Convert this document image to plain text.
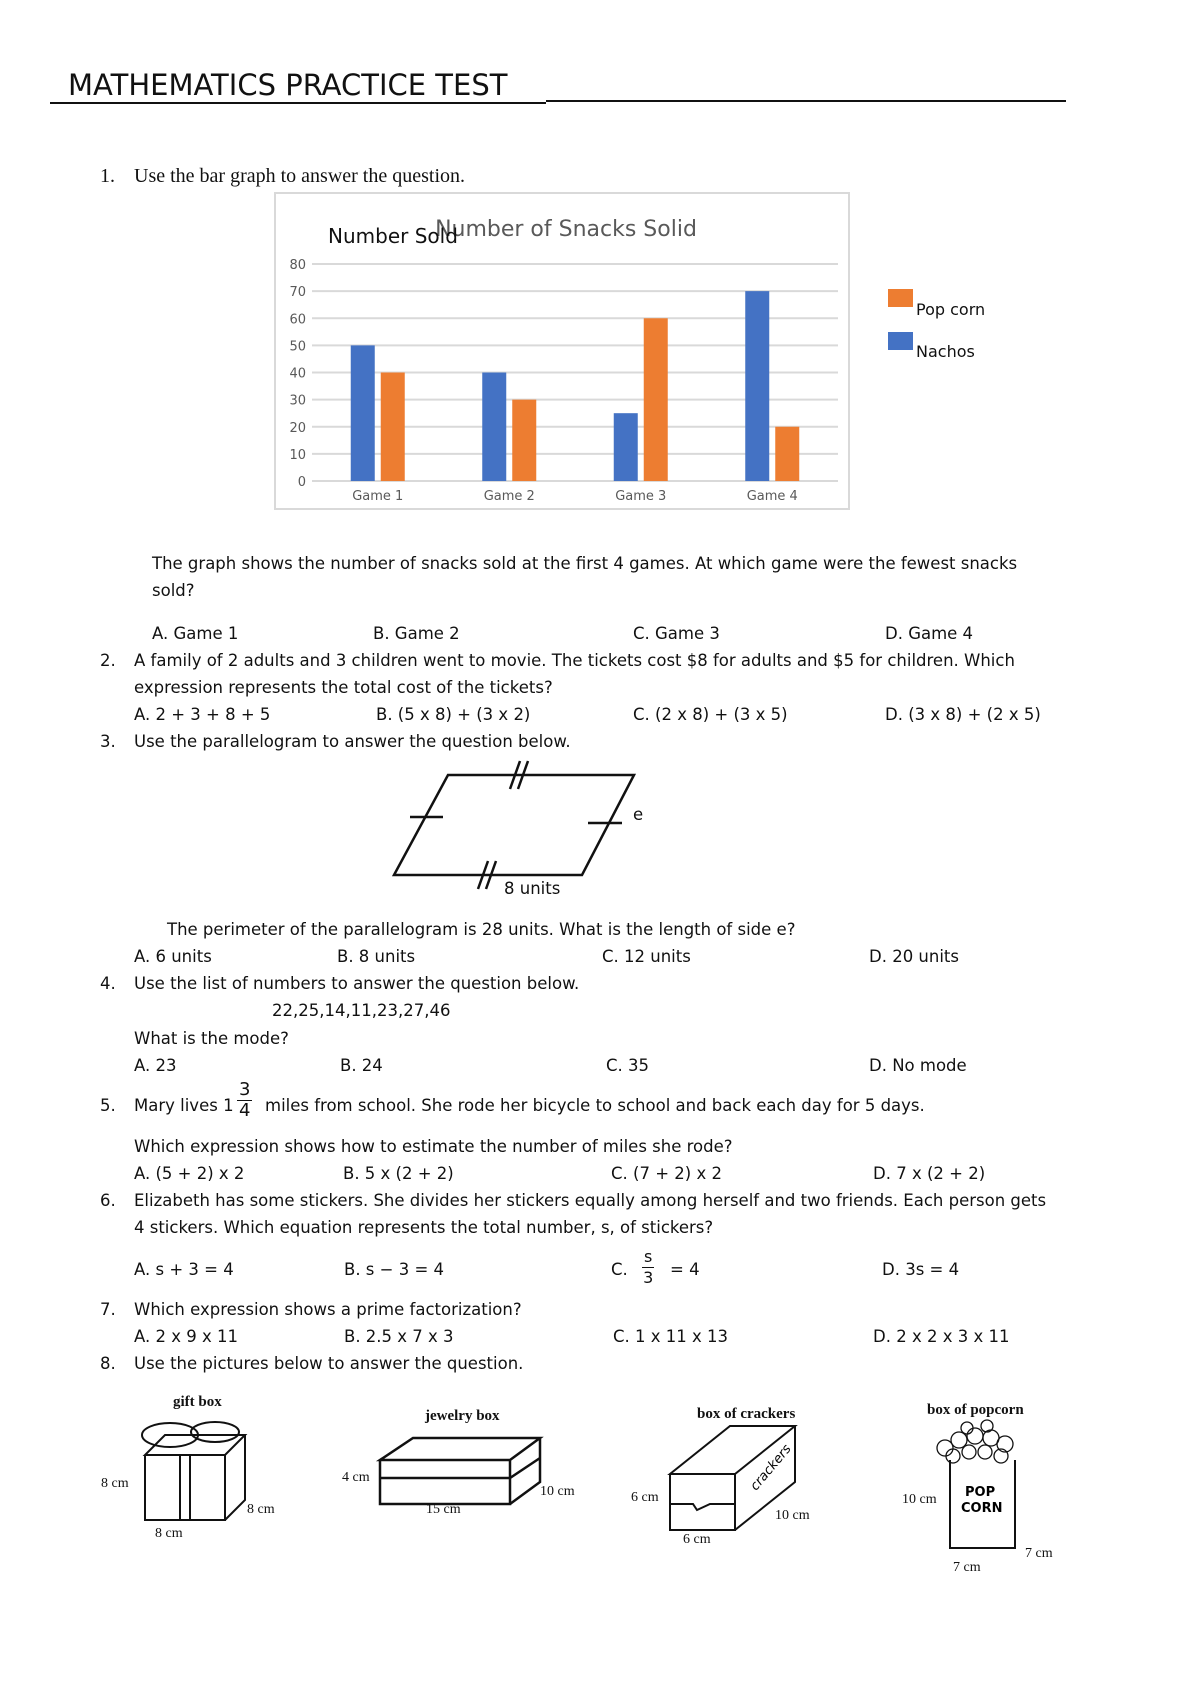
MATHEMATICS PRACTICE TEST
1. Use the bar graph to answer the question.
Number of Snacks Solid
Number Sold
0
10
20
30
40
50
60
70
80
Game 1	Game 2	Game 3	Game 4
The graph shows the number of snacks sold at the first 4 games. At which game were the fewest snacks
sold?
A. Game 1	B. Game 2	C. Game 3	D. Game 4
2. A family of 2 adults and 3 children went to movie. The tickets cost $8 for adults and $5 for children. Which
expression represents the total cost of the tickets?
A. 2 + 3 + 8 + 5	B. (5 x 8) + (3 x 2)	C. (2 x 8) + (3 x 5)	D. (3 x 8) + (2 x 5)
3. Use the parallelogram to answer the question below.
e
8 units
The perimeter of the parallelogram is 28 units. What is the length of side e?
A. 6 units	B. 8 units	C. 12 units	D. 20 units
4. Use the list of numbers to answer the question below.
22,25,14,11,23,27,46
What is the mode?
A. 23	B. 24	C. 35	D. No mode
5. Mary lives $1 \frac{3}{4}$ miles from school. She rode her bicycle to school and back each day for 5 days.
Which expression shows how to estimate the number of miles she rode?
A. (5 + 2) x 2	B. 5 x (2 + 2)	C. (7 + 2) x 2	D. 7 x (2 + 2)
6. Elizabeth has some stickers. She divides her stickers equally among herself and two friends. Each person gets
4 stickers. Which equation represents the total number, s, of stickers?
A. s + 3 = 4	B. s − 3 = 4	C. $\frac{s}{3} = 4$	D. 3s = 4
7. Which expression shows a prime factorization?
A. 2 x 9 x 11	B. 2.5 x 7 x 3	C. 1 x 11 x 13	D. 2 x 2 x 3 x 11
8. Use the pictures below to answer the question.
gift box
8 cm
8 cm
8 cm
jewelry box
4 cm
10 cm
15 cm
box of crackers
crackers
6 cm
10 cm
6 cm
box of popcorn
POP
CORN
10 cm
7 cm
7 cm
Pop corn
Nachos
